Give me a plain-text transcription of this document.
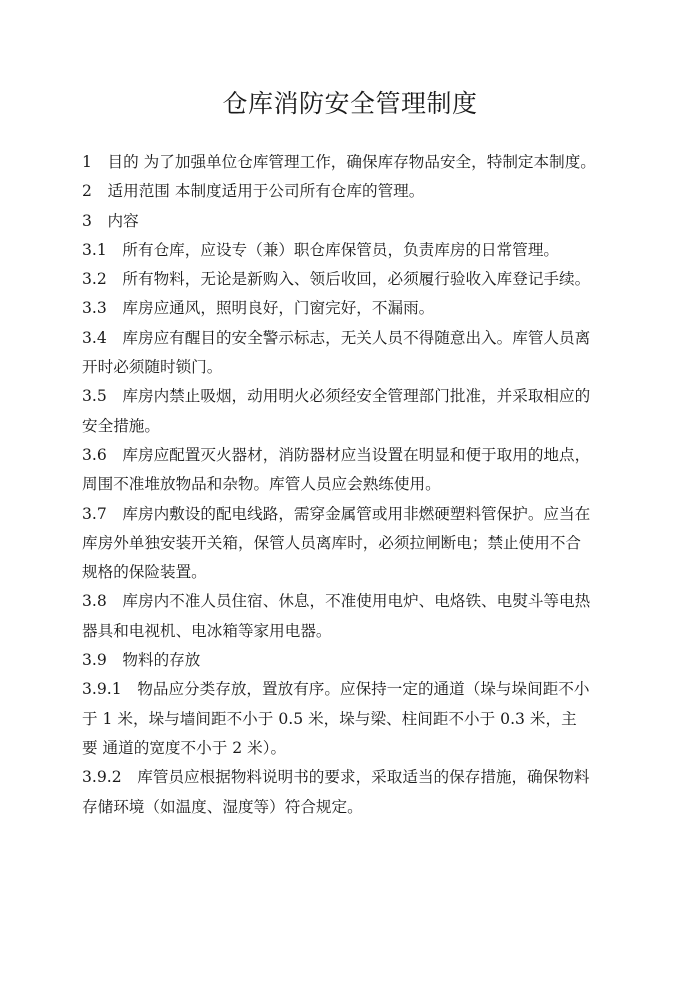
仓库消防安全管理制度

1　目的 为了加强单位仓库管理工作，确保库存物品安全，特制定本制度。

2　适用范围 本制度适用于公司所有仓库的管理。

3　内容

3.1　所有仓库，应设专（兼）职仓库保管员，负责库房的日常管理。

3.2　所有物料，无论是新购入、领后收回，必须履行验收入库登记手续。

3.3　库房应通风，照明良好，门窗完好，不漏雨。

3.4　库房应有醒目的安全警示标志，无关人员不得随意出入。库管人员离

开时必须随时锁门。

3.5　库房内禁止吸烟，动用明火必须经安全管理部门批准，并采取相应的

安全措施。

3.6　库房应配置灭火器材，消防器材应当设置在明显和便于取用的地点，

周围不准堆放物品和杂物。库管人员应会熟练使用。

3.7　库房内敷设的配电线路，需穿金属管或用非燃硬塑料管保护。应当在

库房外单独安装开关箱，保管人员离库时，必须拉闸断电；禁止使用不合

规格的保险装置。

3.8　库房内不准人员住宿、休息，不准使用电炉、电烙铁、电熨斗等电热

器具和电视机、电冰箱等家用电器。

3.9　物料的存放

3.9.1　物品应分类存放，置放有序。应保持一定的通道（垛与垛间距不小

于 1 米，垛与墙间距不小于 0.5 米，垛与梁、柱间距不小于 0.3 米，主

要 通道的宽度不小于 2 米）。

3.9.2　库管员应根据物料说明书的要求，采取适当的保存措施，确保物料

存储环境（如温度、湿度等）符合规定。
